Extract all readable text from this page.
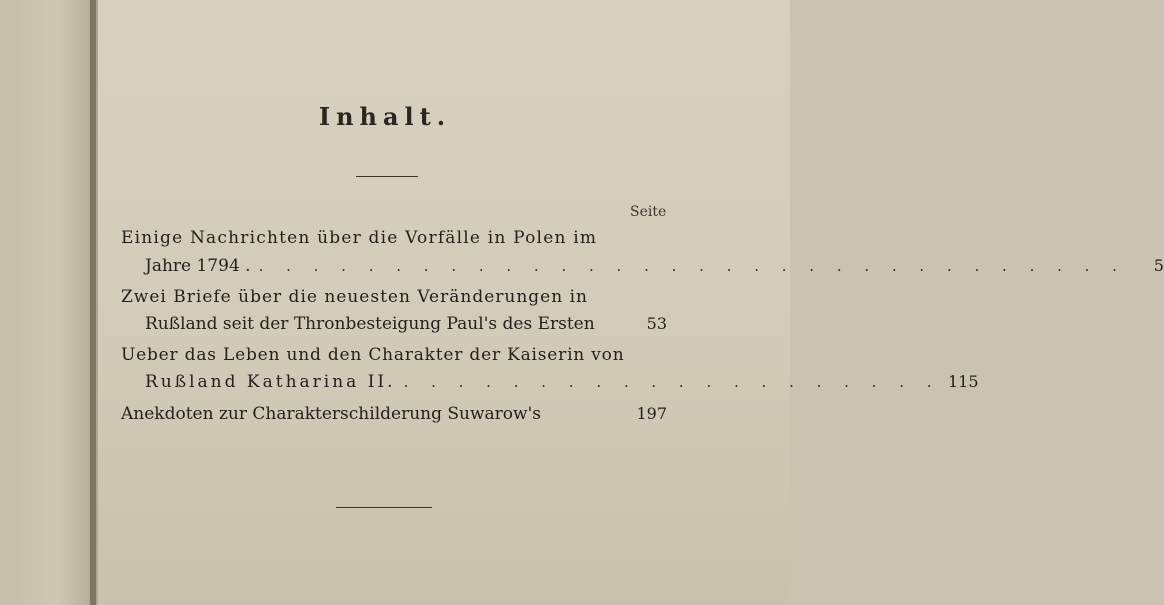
Inhalt.
Seite
Einige Nachrichten über die Vorfälle in Polen im
Jahre 1794 . . . . . . . . . . . . . . . . . . . . . . . . . . . . . . . . .	5
Zwei Briefe über die neuesten Veränderungen in
Rußland seit der Thronbesteigung Paul's des Ersten	53
Ueber das Leben und den Charakter der Kaiserin von
Rußland Katharina II. . . . . . . . . . . . . . . . . . . . . 115
Anekdoten zur Charakterschilderung Suwarow's	197
